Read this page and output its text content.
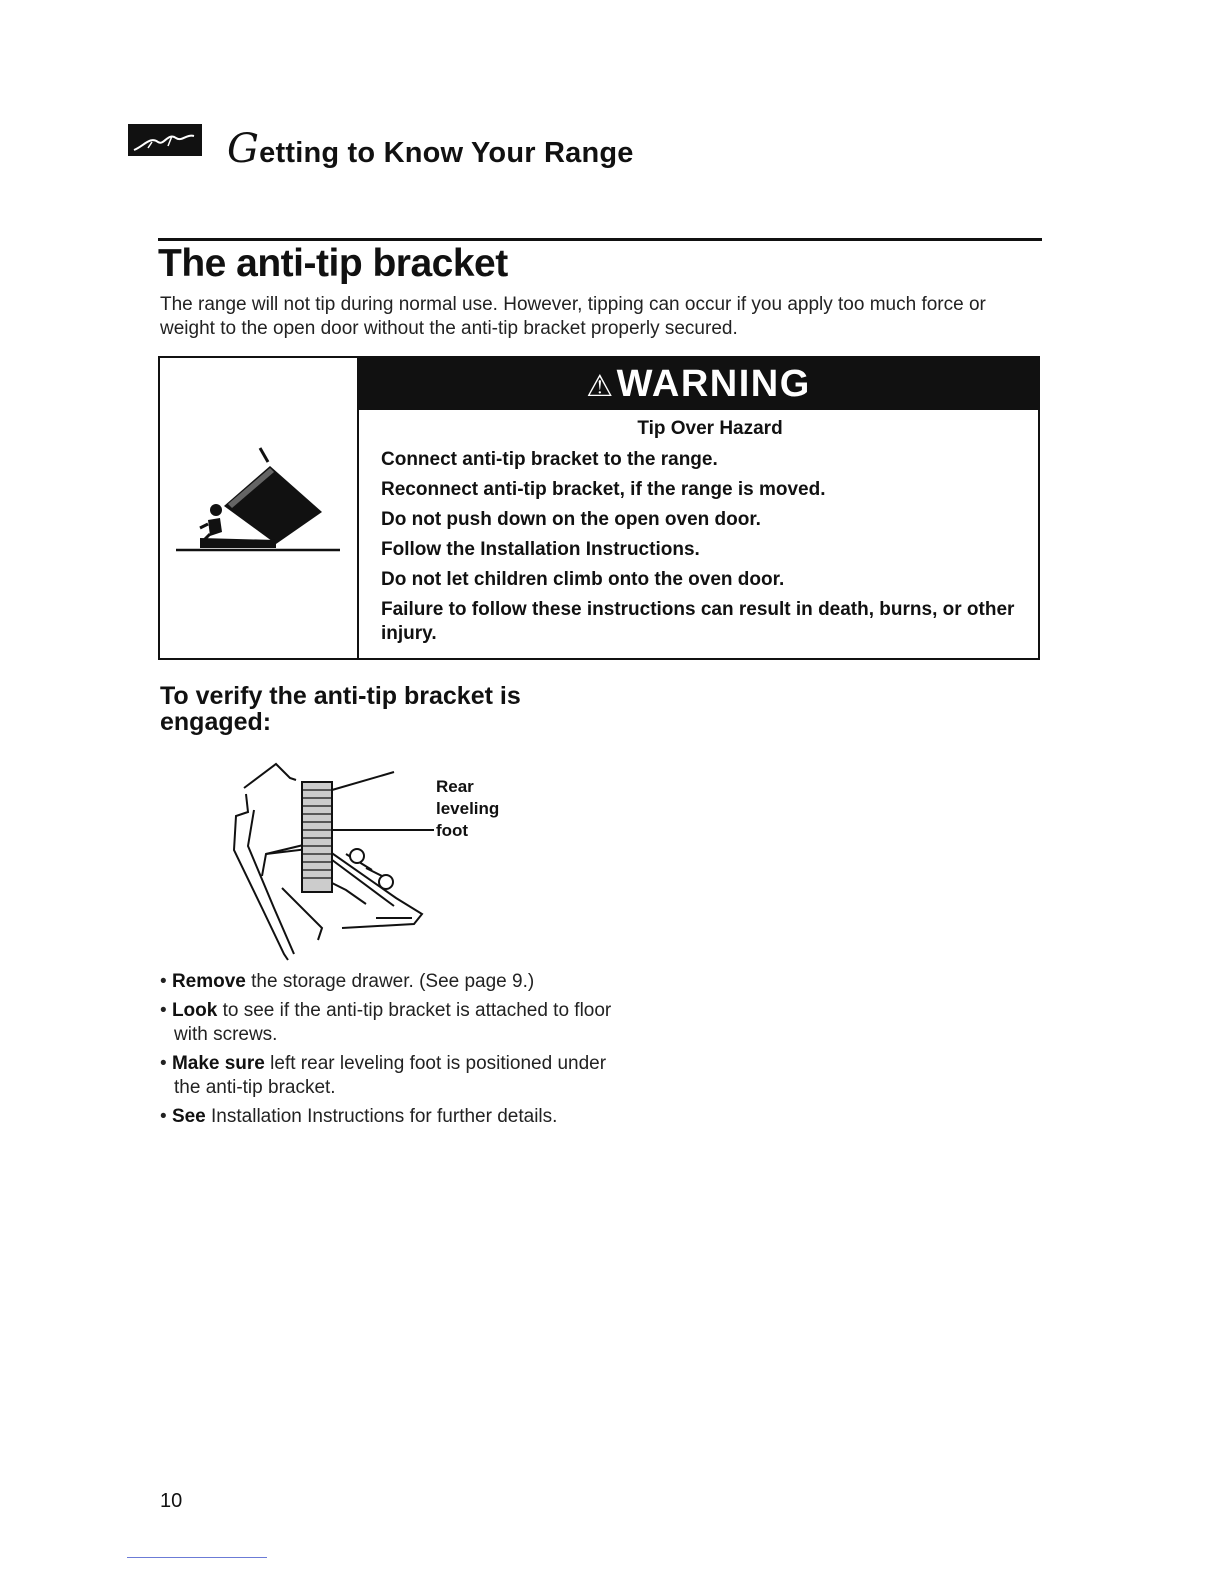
Getting to Know Your Range
The anti-tip bracket
The range will not tip during normal use. However, tipping can occur if you apply too much force or weight to the open door without the anti-tip bracket properly secured.
⚠WARNING
Tip Over Hazard
Connect anti-tip bracket to the range.
Reconnect anti-tip bracket, if the range is moved.
Do not push down on the open oven door.
Follow the Installation Instructions.
Do not let children climb onto the oven door.
Failure to follow these instructions can result in death, burns, or other injury.
To verify the anti-tip bracket is engaged:
Rear leveling foot
• Remove the storage drawer. (See page 9.)
• Look to see if the anti-tip bracket is attached to floor with screws.
• Make sure left rear leveling foot is positioned under the anti-tip bracket.
• See Installation Instructions for further details.
10
